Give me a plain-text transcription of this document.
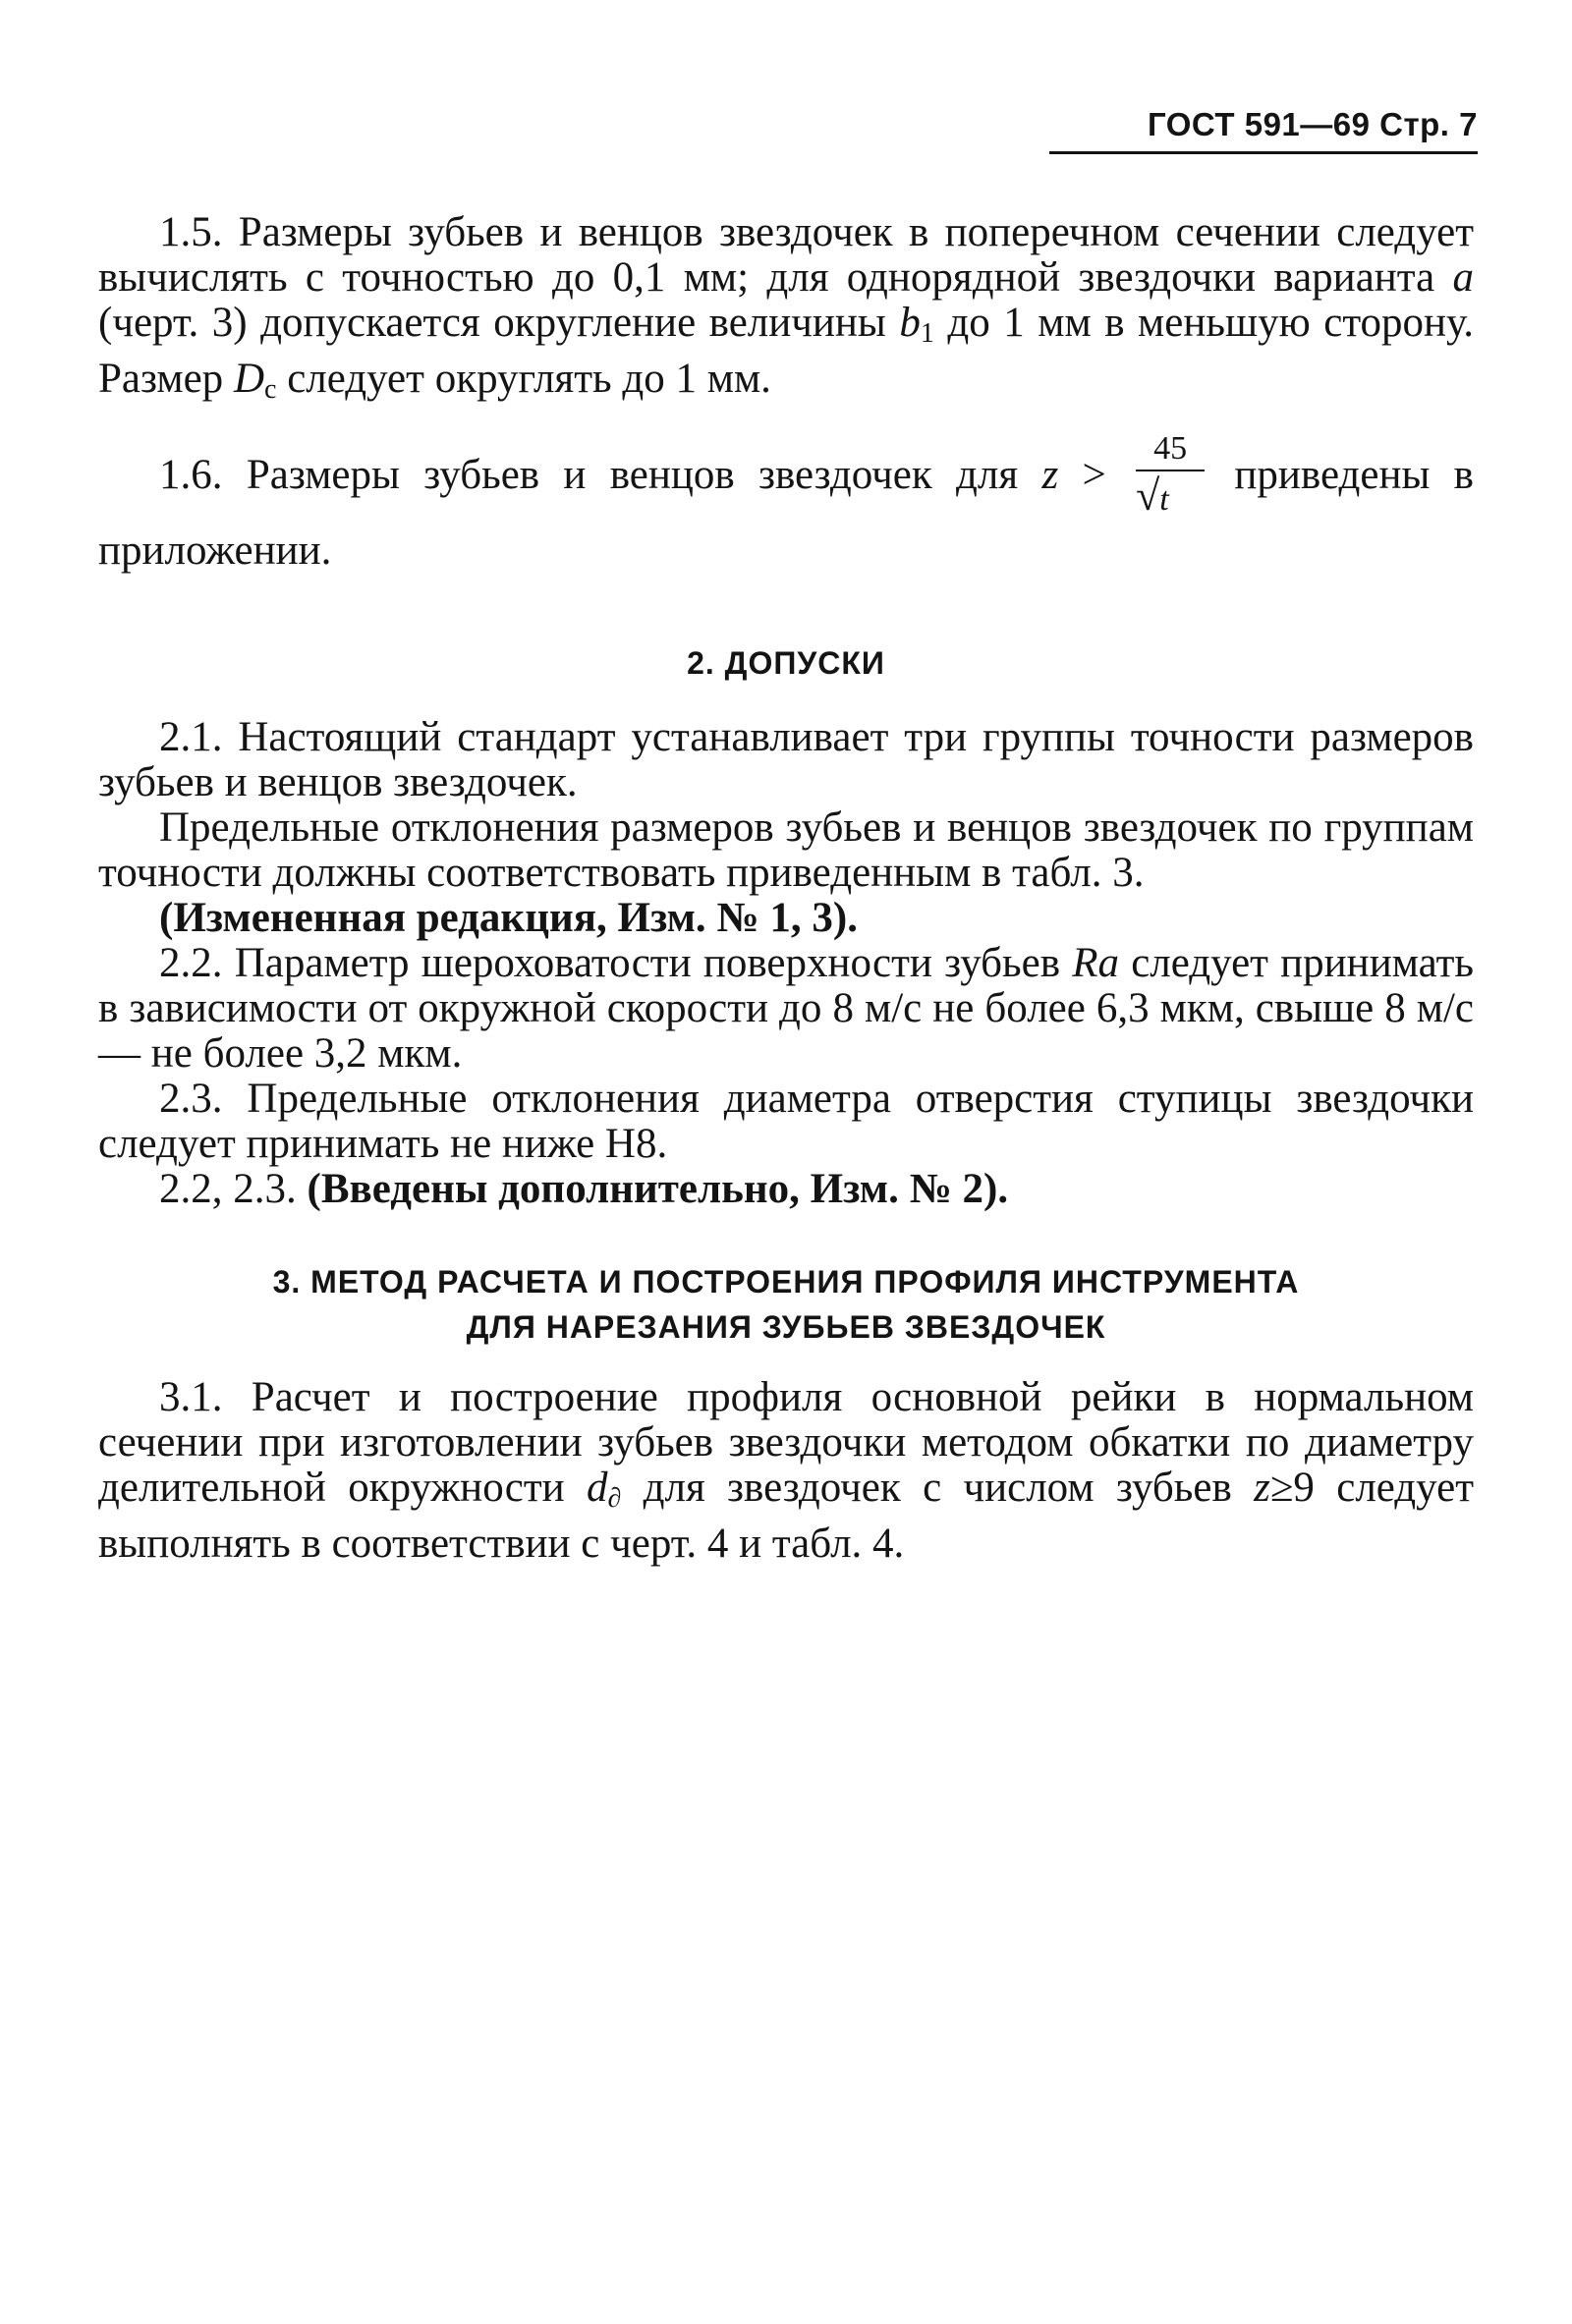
ГОСТ 591—69 Стр. 7

1.5. Размеры зубьев и венцов звездочек в поперечном сечении следует вычислять с точностью до 0,1 мм; для однорядной звездочки варианта a (черт. 3) допускается округление величины $b_1$ до 1 мм в меньшую сторону. Размер $D_c$ следует округлять до 1 мм.

1.6. Размеры зубьев и венцов звездочек для $z > \frac{45}{√t}$ приведены в приложении.

2. ДОПУСКИ

2.1. Настоящий стандарт устанавливает три группы точности размеров зубьев и венцов звездочек.

Предельные отклонения размеров зубьев и венцов звездочек по группам точности должны соответствовать приведенным в табл. 3.

(Измененная редакция, Изм. № 1, 3).

2.2. Параметр шероховатости поверхности зубьев Ra следует принимать в зависимости от окружной скорости до 8 м/с не более 6,3 мкм, свыше 8 м/с — не более 3,2 мкм.

2.3. Предельные отклонения диаметра отверстия ступицы звездочки следует принимать не ниже Н8.

2.2, 2.3. (Введены дополнительно, Изм. № 2).

3. МЕТОД РАСЧЕТА И ПОСТРОЕНИЯ ПРОФИЛЯ ИНСТРУМЕНТА
ДЛЯ НАРЕЗАНИЯ ЗУБЬЕВ ЗВЕЗДОЧЕК

3.1. Расчет и построение профиля основной рейки в нормальном сечении при изготовлении зубьев звездочки методом обкатки по диаметру делительной окружности $d_\partial$ для звездочек с числом зубьев z≥9 следует выполнять в соответствии с черт. 4 и табл. 4.
